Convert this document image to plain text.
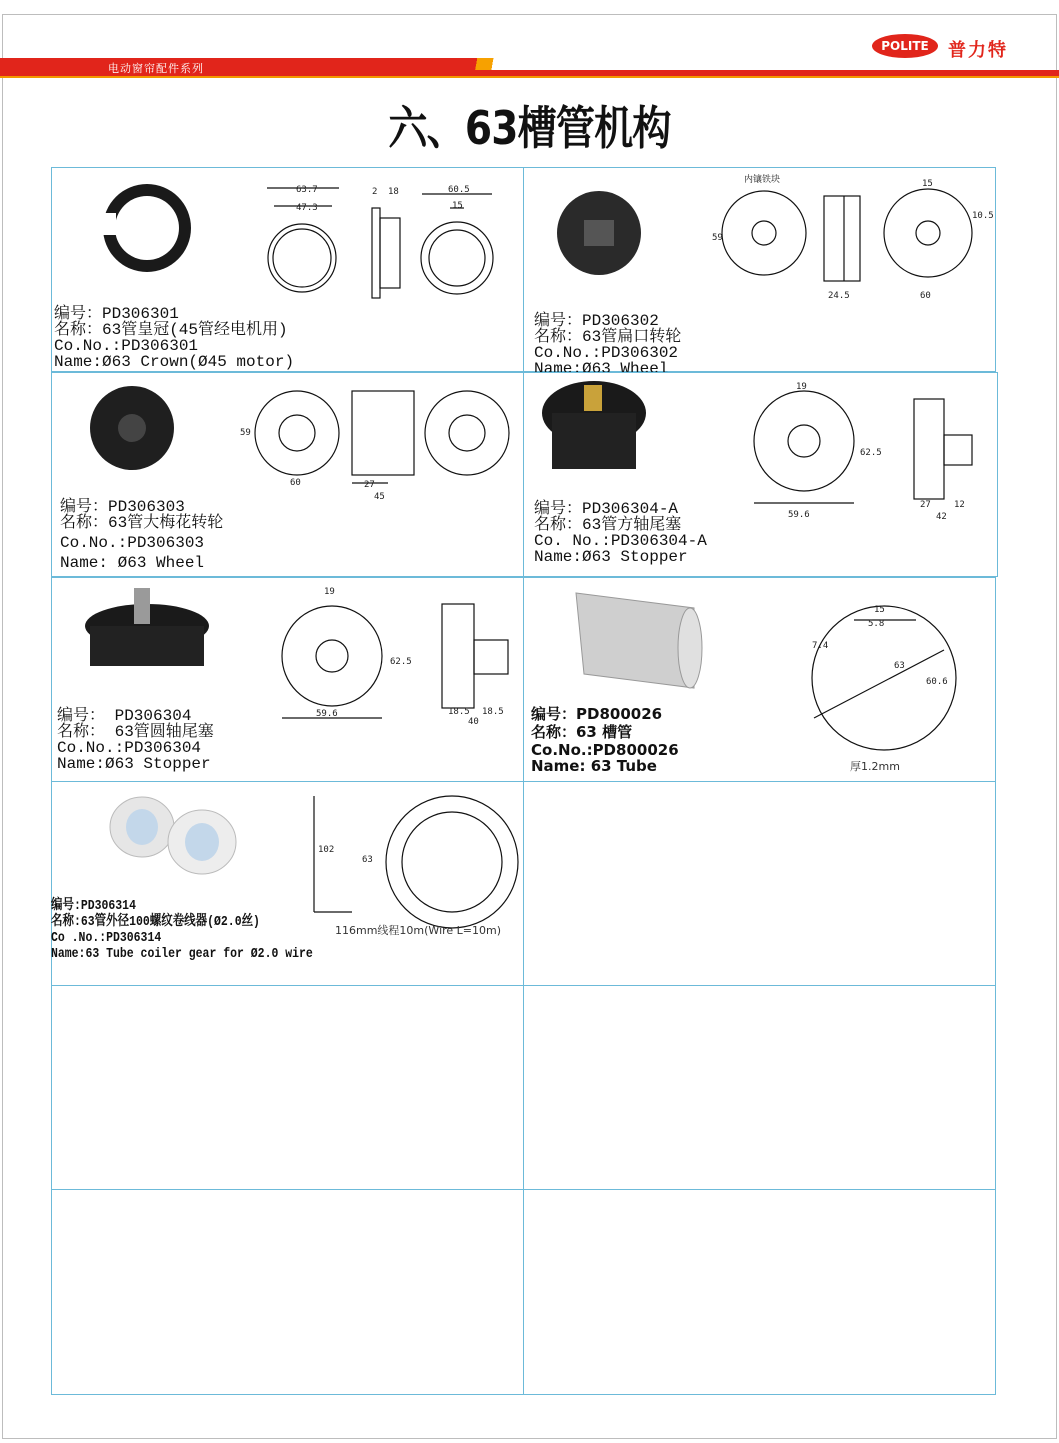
电动窗帘配件系列
POLITE	普力特
六、63槽管机构
63.7
47.3
2 18	60.5
15
编号：PD306301
名称：63管皇冠(45管经电机用)
Co.No.:PD306301
Name:Ø63 Crown(Ø45 motor)
内镶铁块
59
24.5
15
10.5
60
编号：PD306302
名称：63管扁口转轮
Co.No.:PD306302
Name:Ø63 Wheel
59
60	27
45
编号：PD306303
名称：63管大梅花转轮
Co.No.:PD306303
Name: Ø63 Wheel
19
62.5
59.6
27	12
42
编号：PD306304-A
名称：63管方轴尾塞
Co. No.:PD306304-A
Name:Ø63 Stopper
19
62.5
59.6	18.5 18.5
40
编号： PD306304
名称： 63管圆轴尾塞
Co.No.:PD306304
Name:Ø63 Stopper
15
5.8
7.4
63
60.6
厚1.2mm
编号：PD800026
名称：63 槽管
Co.No.:PD800026
Name: 63 Tube
102
63
116mm线程10m(Wire L=10m)
编号:PD306314
名称:63管外径100螺纹卷线器(Ø2.0丝)
Co .No.:PD306314
Name:63 Tube coiler gear for Ø2.0 wire
